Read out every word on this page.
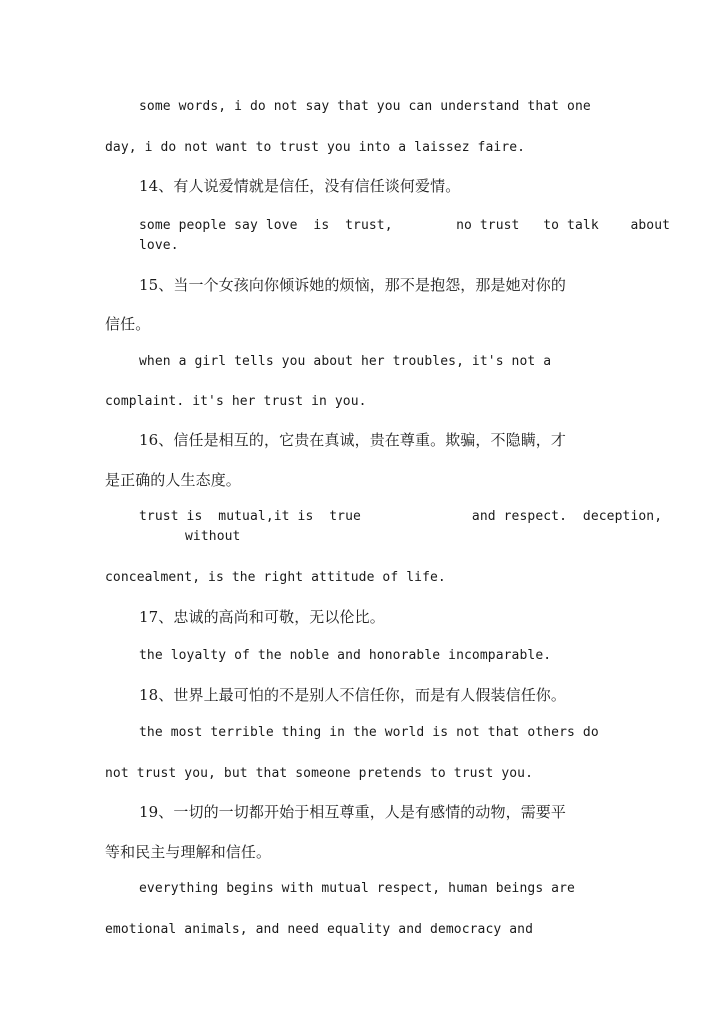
some words, i do not say that you can understand that one

day, i do not want to trust you into a laissez faire.

14、有人说爱情就是信任，没有信任谈何爱情。

some people say love  is  trust,        no trust   to talk    about

love.

15、当一个女孩向你倾诉她的烦恼，那不是抱怨，那是她对你的

信任。

when a girl tells you about her troubles, it's not a

complaint. it's her trust in you.

16、信任是相互的，它贵在真诚，贵在尊重。欺骗，不隐瞒，才

是正确的人生态度。

trust is  mutual,it is  true              and respect.  deception,

without

concealment, is the right attitude of life.

17、忠诚的高尚和可敬，无以伦比。

the loyalty of the noble and honorable incomparable.

18、世界上最可怕的不是别人不信任你，而是有人假装信任你。

the most terrible thing in the world is not that others do

not trust you, but that someone pretends to trust you.

19、一切的一切都开始于相互尊重，人是有感情的动物，需要平

等和民主与理解和信任。

everything begins with mutual respect, human beings are

emotional animals, and need equality and democracy and
